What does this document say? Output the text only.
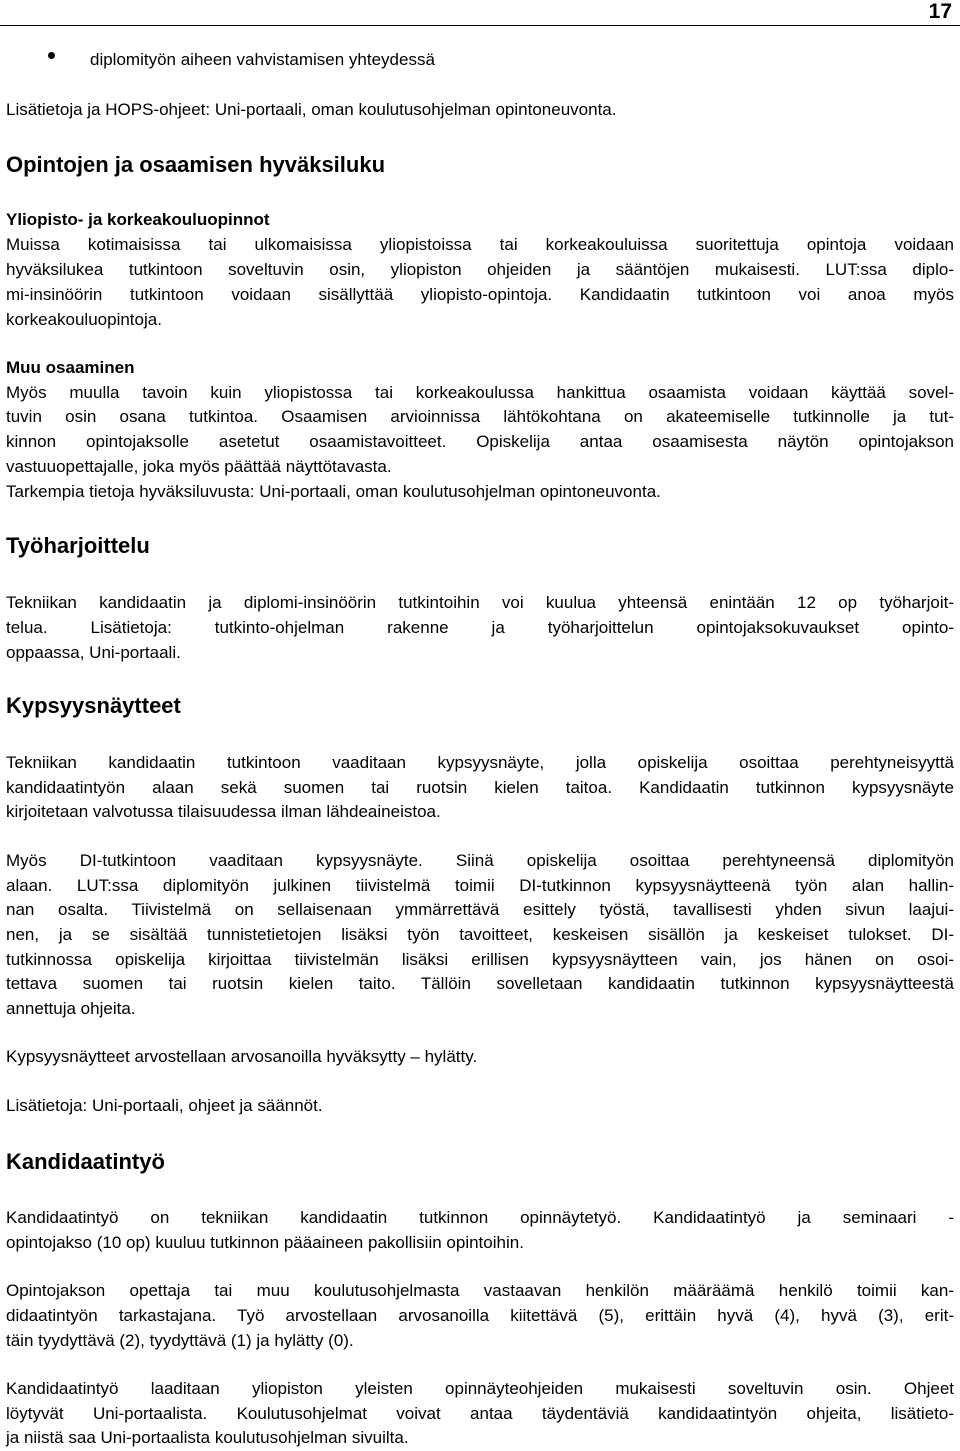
17
diplomityön aiheen vahvistamisen yhteydessä

Lisätietoja ja HOPS-ohjeet: Uni-portaali, oman koulutusohjelman opintoneuvonta.

Opintojen ja osaamisen hyväksiluku

Yliopisto- ja korkeakouluopinnot

Muissa kotimaisissa tai ulkomaisissa yliopistoissa tai korkeakouluissa suoritettuja opintoja voidaan

hyväksilukea tutkintoon soveltuvin osin, yliopiston ohjeiden ja sääntöjen mukaisesti. LUT:ssa diplo-

mi-insinöörin tutkintoon voidaan sisällyttää yliopisto-opintoja. Kandidaatin tutkintoon voi anoa myös

korkeakouluopintoja.

Muu osaaminen

Myös muulla tavoin kuin yliopistossa tai korkeakoulussa hankittua osaamista voidaan käyttää sovel-

tuvin osin osana tutkintoa. Osaamisen arvioinnissa lähtökohtana on akateemiselle tutkinnolle ja tut-

kinnon opintojaksolle asetetut osaamistavoitteet. Opiskelija antaa osaamisesta näytön opintojakson

vastuuopettajalle, joka myös päättää näyttötavasta.

Tarkempia tietoja hyväksiluvusta: Uni-portaali, oman koulutusohjelman opintoneuvonta.

Työharjoittelu

Tekniikan kandidaatin ja diplomi-insinöörin tutkintoihin voi kuulua yhteensä enintään 12 op työharjoit-

telua. Lisätietoja: tutkinto-ohjelman rakenne ja työharjoittelun opintojaksokuvaukset opinto-

oppaassa, Uni-portaali.

Kypsyysnäytteet

Tekniikan kandidaatin tutkintoon vaaditaan kypsyysnäyte, jolla opiskelija osoittaa perehtyneisyyttä

kandidaatintyön alaan sekä suomen tai ruotsin kielen taitoa. Kandidaatin tutkinnon kypsyysnäyte

kirjoitetaan valvotussa tilaisuudessa ilman lähdeaineistoa.

Myös DI-tutkintoon vaaditaan kypsyysnäyte. Siinä opiskelija osoittaa perehtyneensä diplomityön

alaan. LUT:ssa diplomityön julkinen tiivistelmä toimii DI-tutkinnon kypsyysnäytteenä työn alan hallin-

nan osalta. Tiivistelmä on sellaisenaan ymmärrettävä esittely työstä, tavallisesti yhden sivun laajui-

nen, ja se sisältää tunnistetietojen lisäksi työn tavoitteet, keskeisen sisällön ja keskeiset tulokset. DI-

tutkinnossa opiskelija kirjoittaa tiivistelmän lisäksi erillisen kypsyysnäytteen vain, jos hänen on osoi-

tettava suomen tai ruotsin kielen taito. Tällöin sovelletaan kandidaatin tutkinnon kypsyysnäytteestä

annettuja ohjeita.

Kypsyysnäytteet arvostellaan arvosanoilla hyväksytty – hylätty.

Lisätietoja: Uni-portaali, ohjeet ja säännöt.

Kandidaatintyö

Kandidaatintyö on tekniikan kandidaatin tutkinnon opinnäytetyö. Kandidaatintyö ja seminaari -

opintojakso (10 op) kuuluu tutkinnon pääaineen pakollisiin opintoihin.

Opintojakson opettaja tai muu koulutusohjelmasta vastaavan henkilön määräämä henkilö toimii kan-

didaatintyön tarkastajana. Työ arvostellaan arvosanoilla kiitettävä (5), erittäin hyvä (4), hyvä (3), erit-

täin tyydyttävä (2), tyydyttävä (1) ja hylätty (0).

Kandidaatintyö laaditaan yliopiston yleisten opinnäyteohjeiden mukaisesti soveltuvin osin. Ohjeet

löytyvät Uni-portaalista. Koulutusohjelmat voivat antaa täydentäviä kandidaatintyön ohjeita, lisätieto-

ja niistä saa Uni-portaalista koulutusohjelman sivuilta.
